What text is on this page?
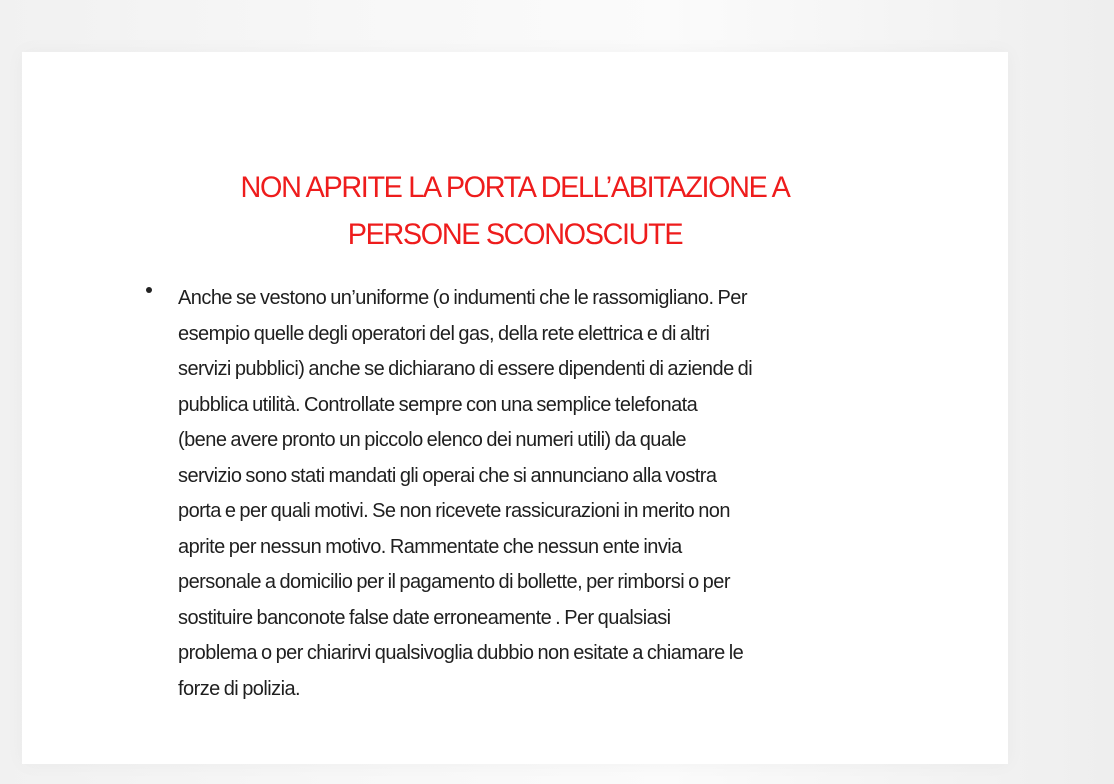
NON APRITE LA PORTA DELL’ABITAZIONE A
PERSONE SCONOSCIUTE
Anche se vestono un’uniforme (o indumenti che le rassomigliano. Per
esempio quelle degli operatori del gas, della rete elettrica e di altri
servizi pubblici) anche se dichiarano di essere dipendenti di aziende di
pubblica utilità. Controllate sempre con una semplice telefonata
(bene avere pronto un piccolo elenco dei numeri utili) da quale
servizio sono stati mandati gli operai che si annunciano alla vostra
porta e per quali motivi. Se non ricevete rassicurazioni in merito non
aprite per nessun motivo. Rammentate che nessun ente invia
personale a domicilio per il pagamento di bollette, per rimborsi o per
sostituire banconote false date erroneamente . Per qualsiasi
problema o per chiarirvi qualsivoglia dubbio non esitate a chiamare le
forze di polizia.
